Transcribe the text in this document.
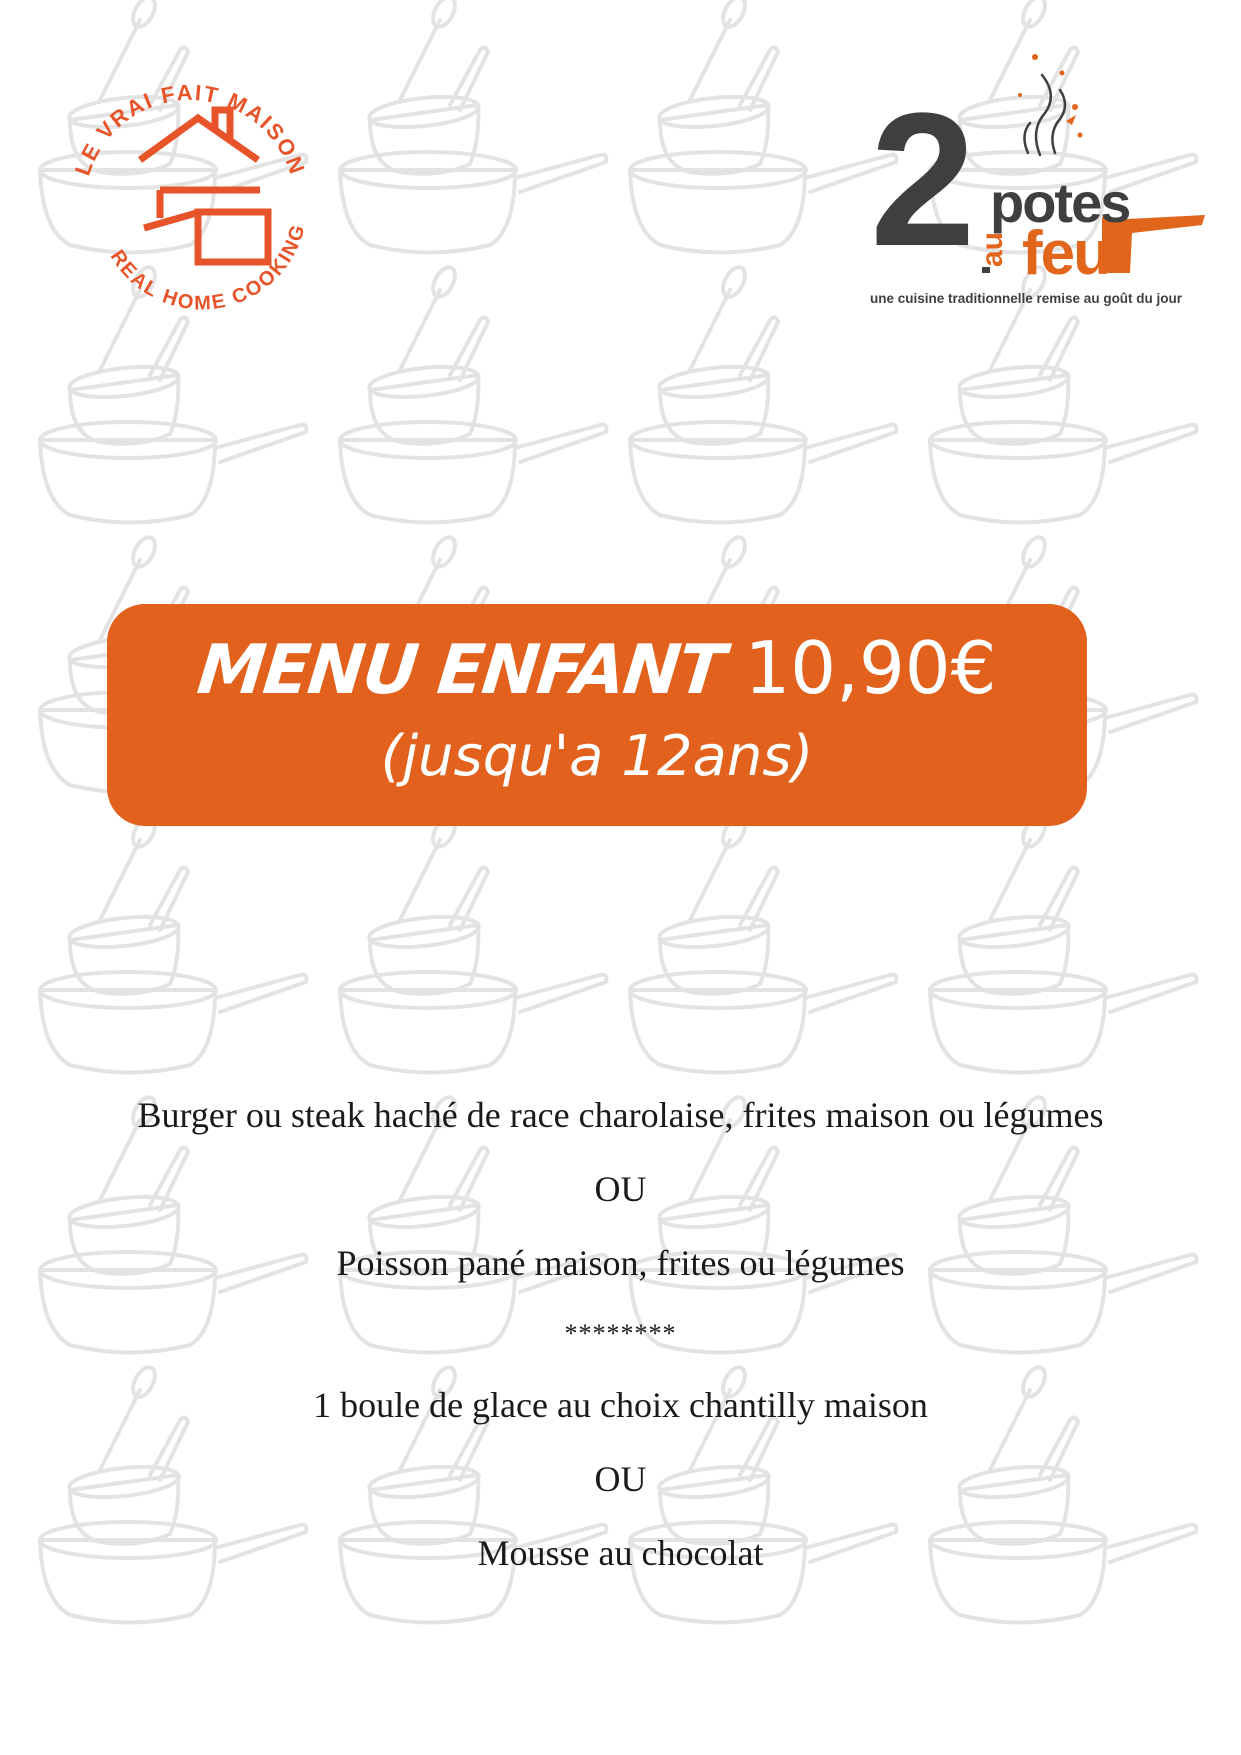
LE VRAI FAIT MAISON
REAL HOME COOKING	2 potes
au feu
une cuisine traditionnelle remise au goût du jour
MENU ENFANT 10,90€
(jusqu'a 12ans)

Burger ou steak haché de race charolaise, frites maison ou légumes

OU

Poisson pané maison, frites ou légumes

********

1 boule de glace au choix chantilly maison

OU

Mousse au chocolat
